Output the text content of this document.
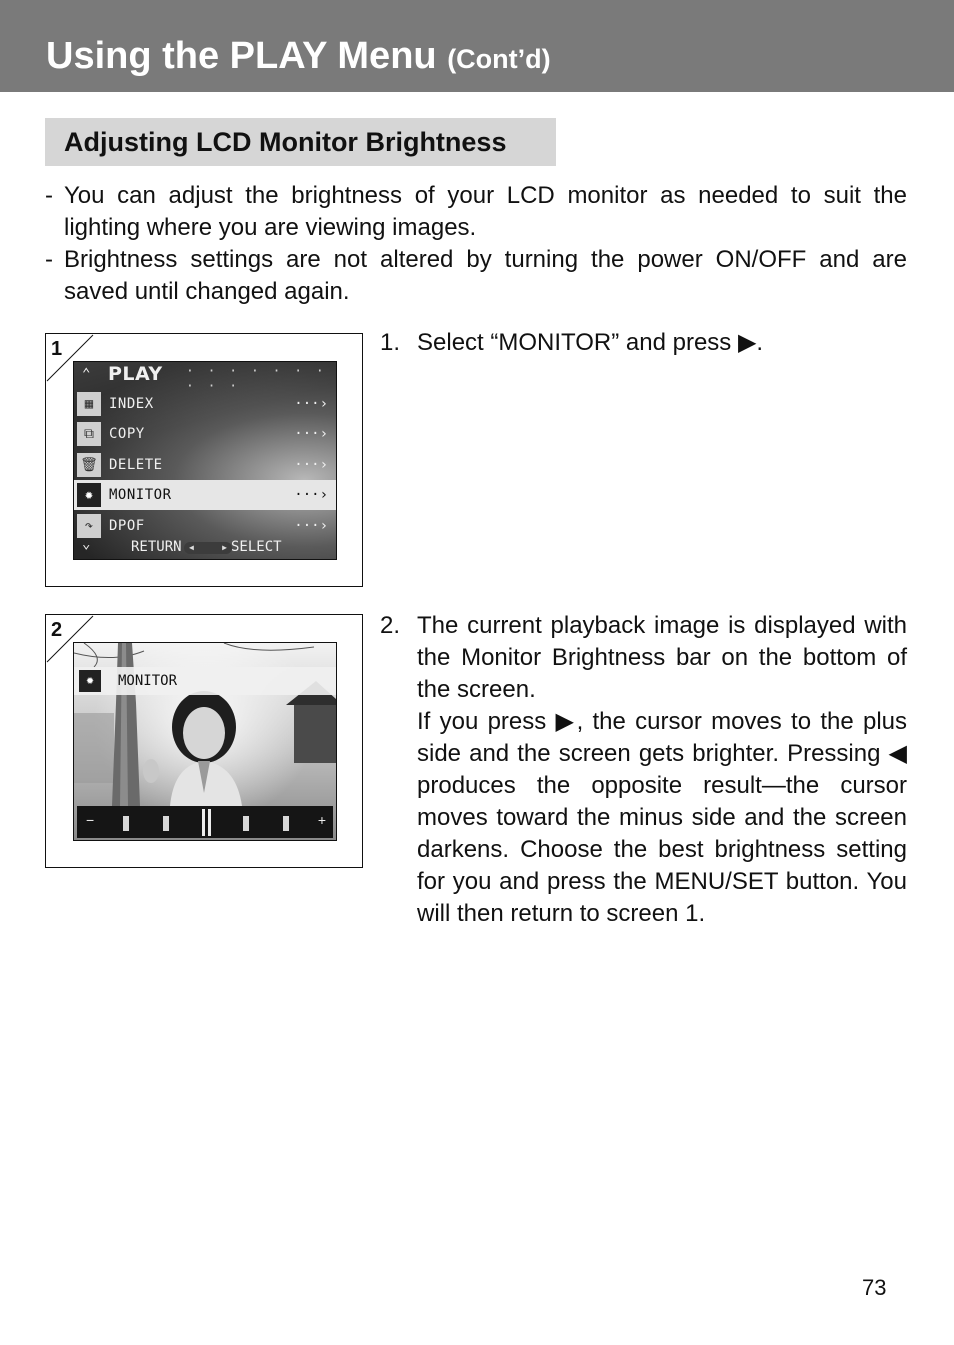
Using the PLAY Menu (Cont’d)
Adjusting LCD Monitor Brightness
- You can adjust the brightness of your LCD monitor as needed to suit the lighting where you are viewing images.
- Brightness settings are not altered by turning the power ON/OFF and are saved until changed again.
1
⌃ PLAY · · · · · · · · · ·
▦	INDEX	···›
⧉	COPY	···›
🗑 DELETE	···›
✹	MONITOR	···›
↷	DPOF	···›
⌄	RETURN ◀	▶ SELECT
2
✹	MONITOR
−	+
1. Select “MONITOR” and press ▶.
2. The current playback image is displayed with the Monitor Brightness bar on the bottom of the screen.
If you press ▶, the cursor moves to the plus side and the screen gets brighter. Pressing ◀ produces the opposite result—the cursor moves toward the minus side and the screen darkens. Choose the best brightness setting for you and press the MENU/SET button. You will then return to screen 1.
73
